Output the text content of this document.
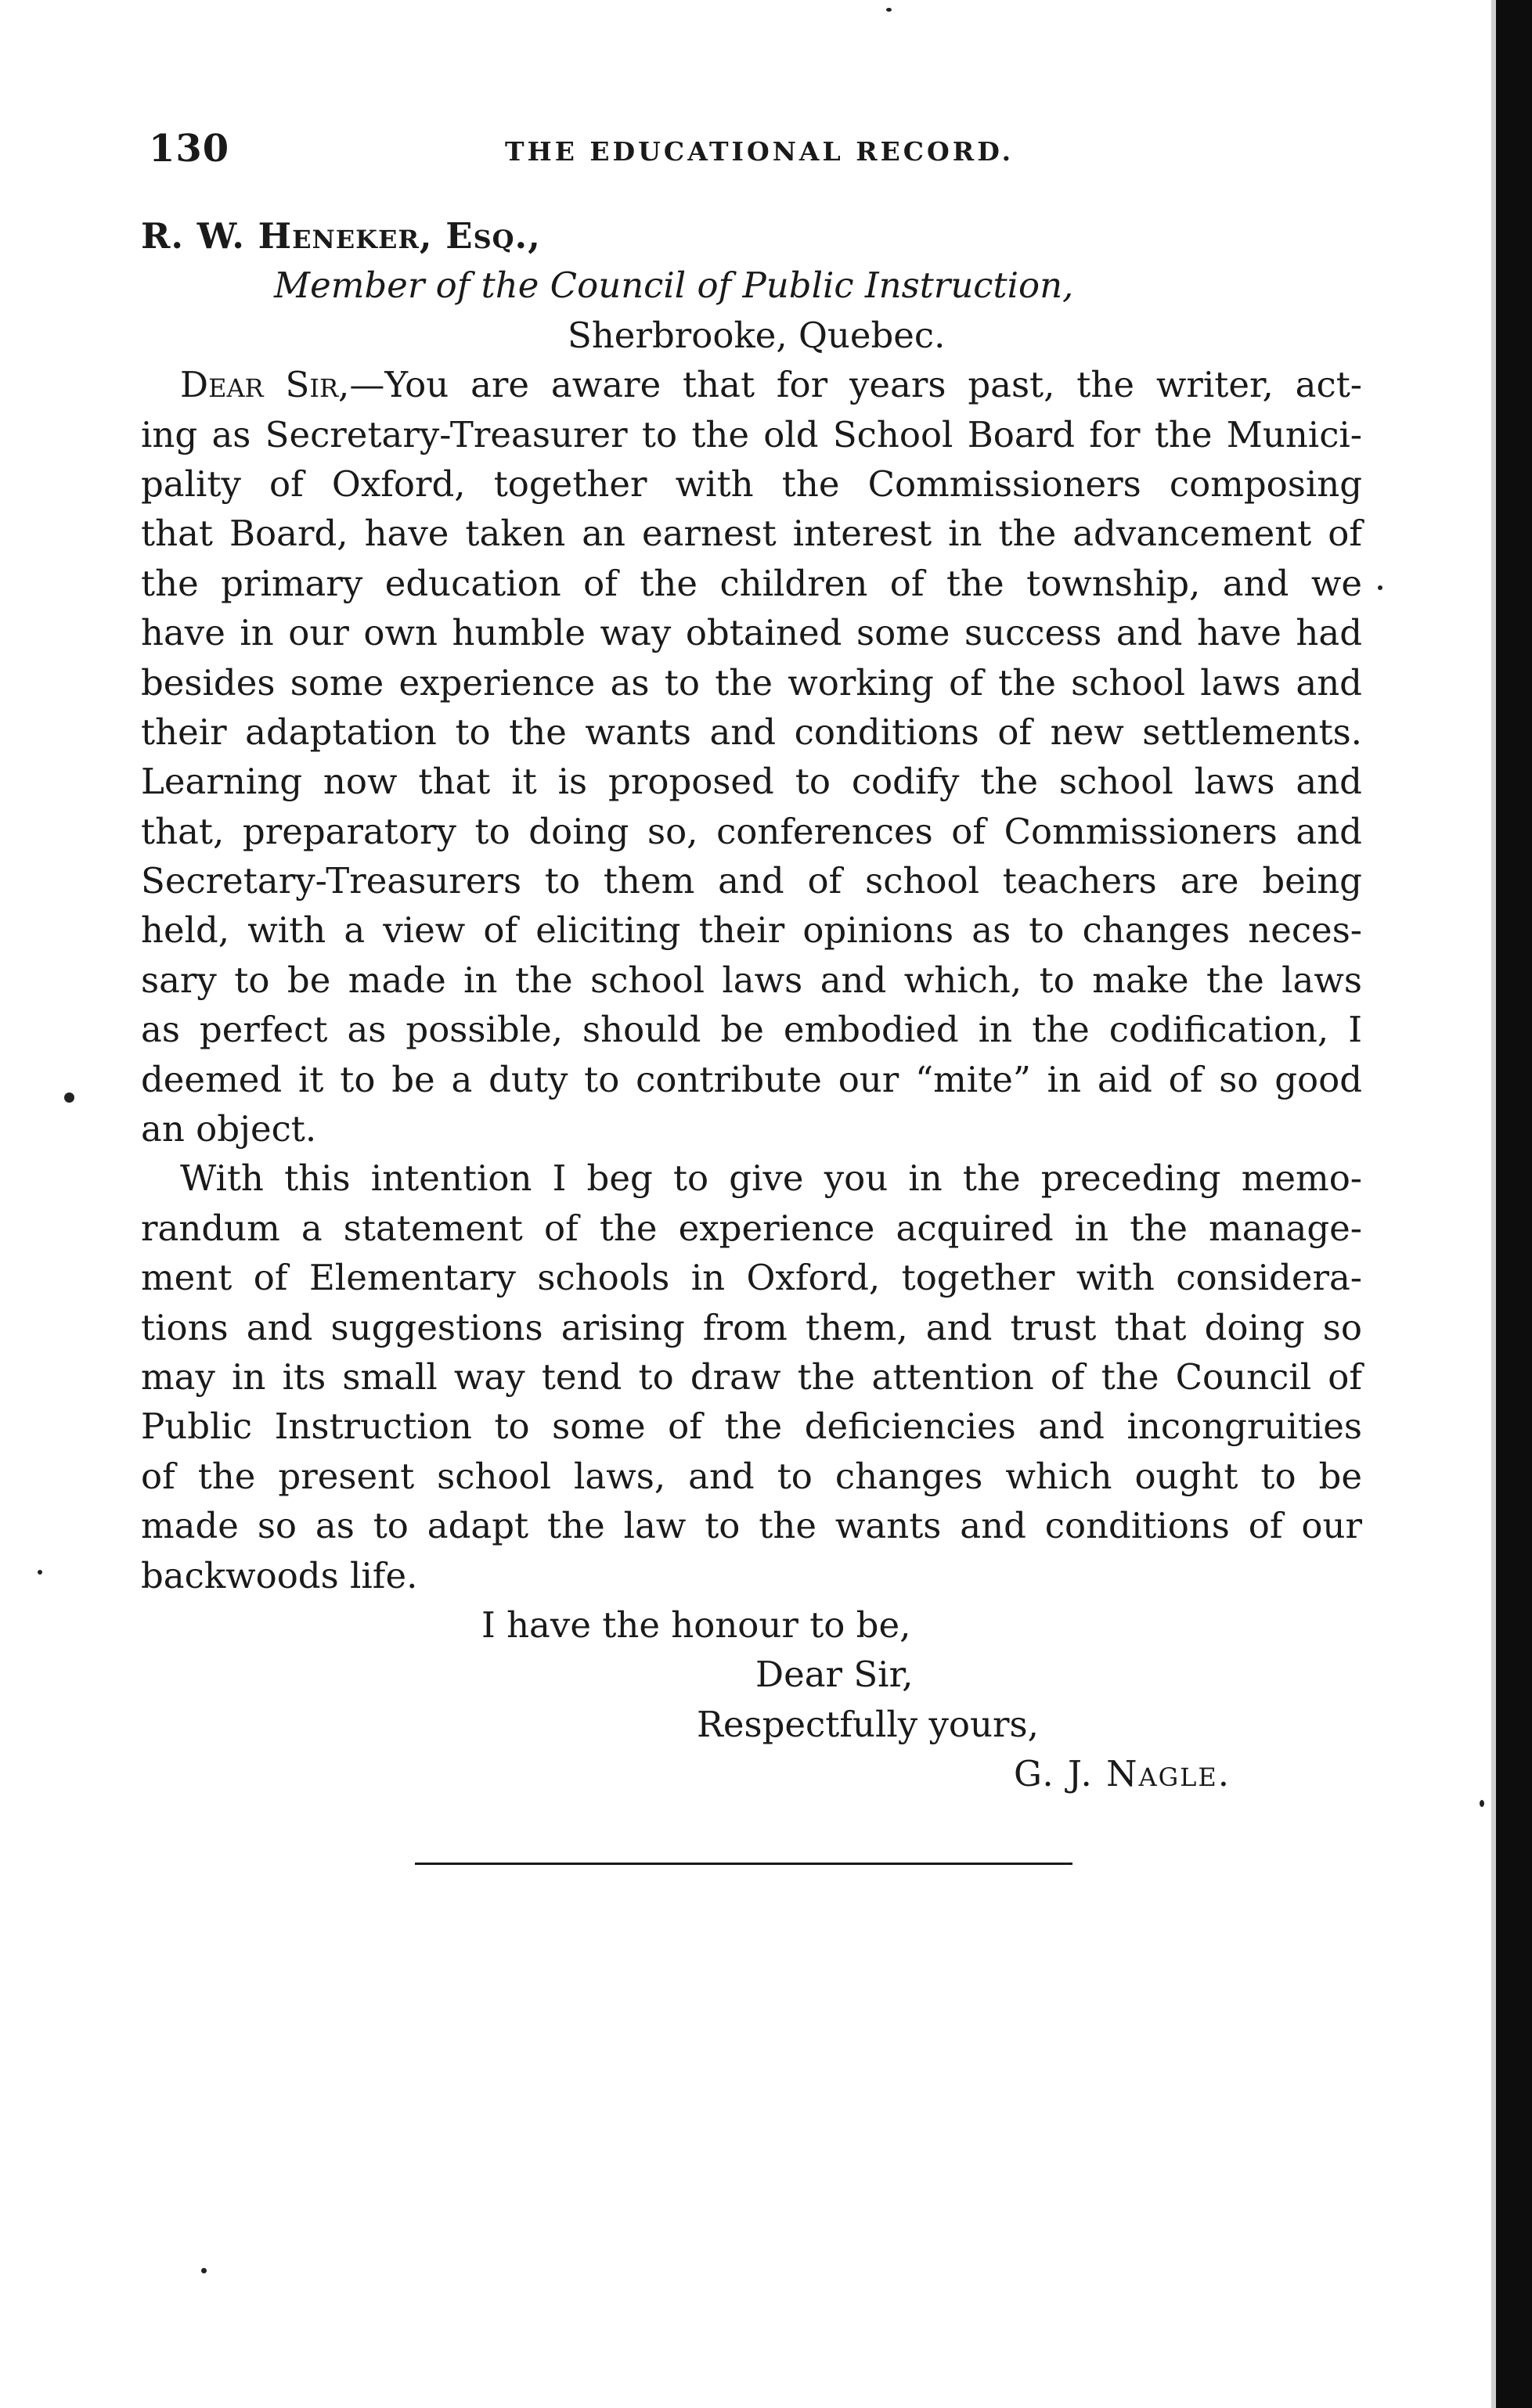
130	THE EDUCATIONAL RECORD.
R. W. Heneker, Esq.,
Member of the Council of Public Instruction,
Sherbrooke, Quebec.
Dear Sir,—You are aware that for years past, the writer, act-
ing as Secretary-Treasurer to the old School Board for the Munici-
pality of Oxford, together with the Commissioners composing
that Board, have taken an earnest interest in the advancement of
the primary education of the children of the township, and we
have in our own humble way obtained some success and have had
besides some experience as to the working of the school laws and
their adaptation to the wants and conditions of new settlements.
Learning now that it is proposed to codify the school laws and
that, preparatory to doing so, conferences of Commissioners and
Secretary-Treasurers to them and of school teachers are being
held, with a view of eliciting their opinions as to changes neces-
sary to be made in the school laws and which, to make the laws
as perfect as possible, should be embodied in the codification, I
deemed it to be a duty to contribute our “mite” in aid of so good
an object.
With this intention I beg to give you in the preceding memo-
randum a statement of the experience acquired in the manage-
ment of Elementary schools in Oxford, together with considera-
tions and suggestions arising from them, and trust that doing so
may in its small way tend to draw the attention of the Council of
Public Instruction to some of the deficiencies and incongruities
of the present school laws, and to changes which ought to be
made so as to adapt the law to the wants and conditions of our
backwoods life.
I have the honour to be,
Dear Sir,
Respectfully yours,
G. J. Nagle.
